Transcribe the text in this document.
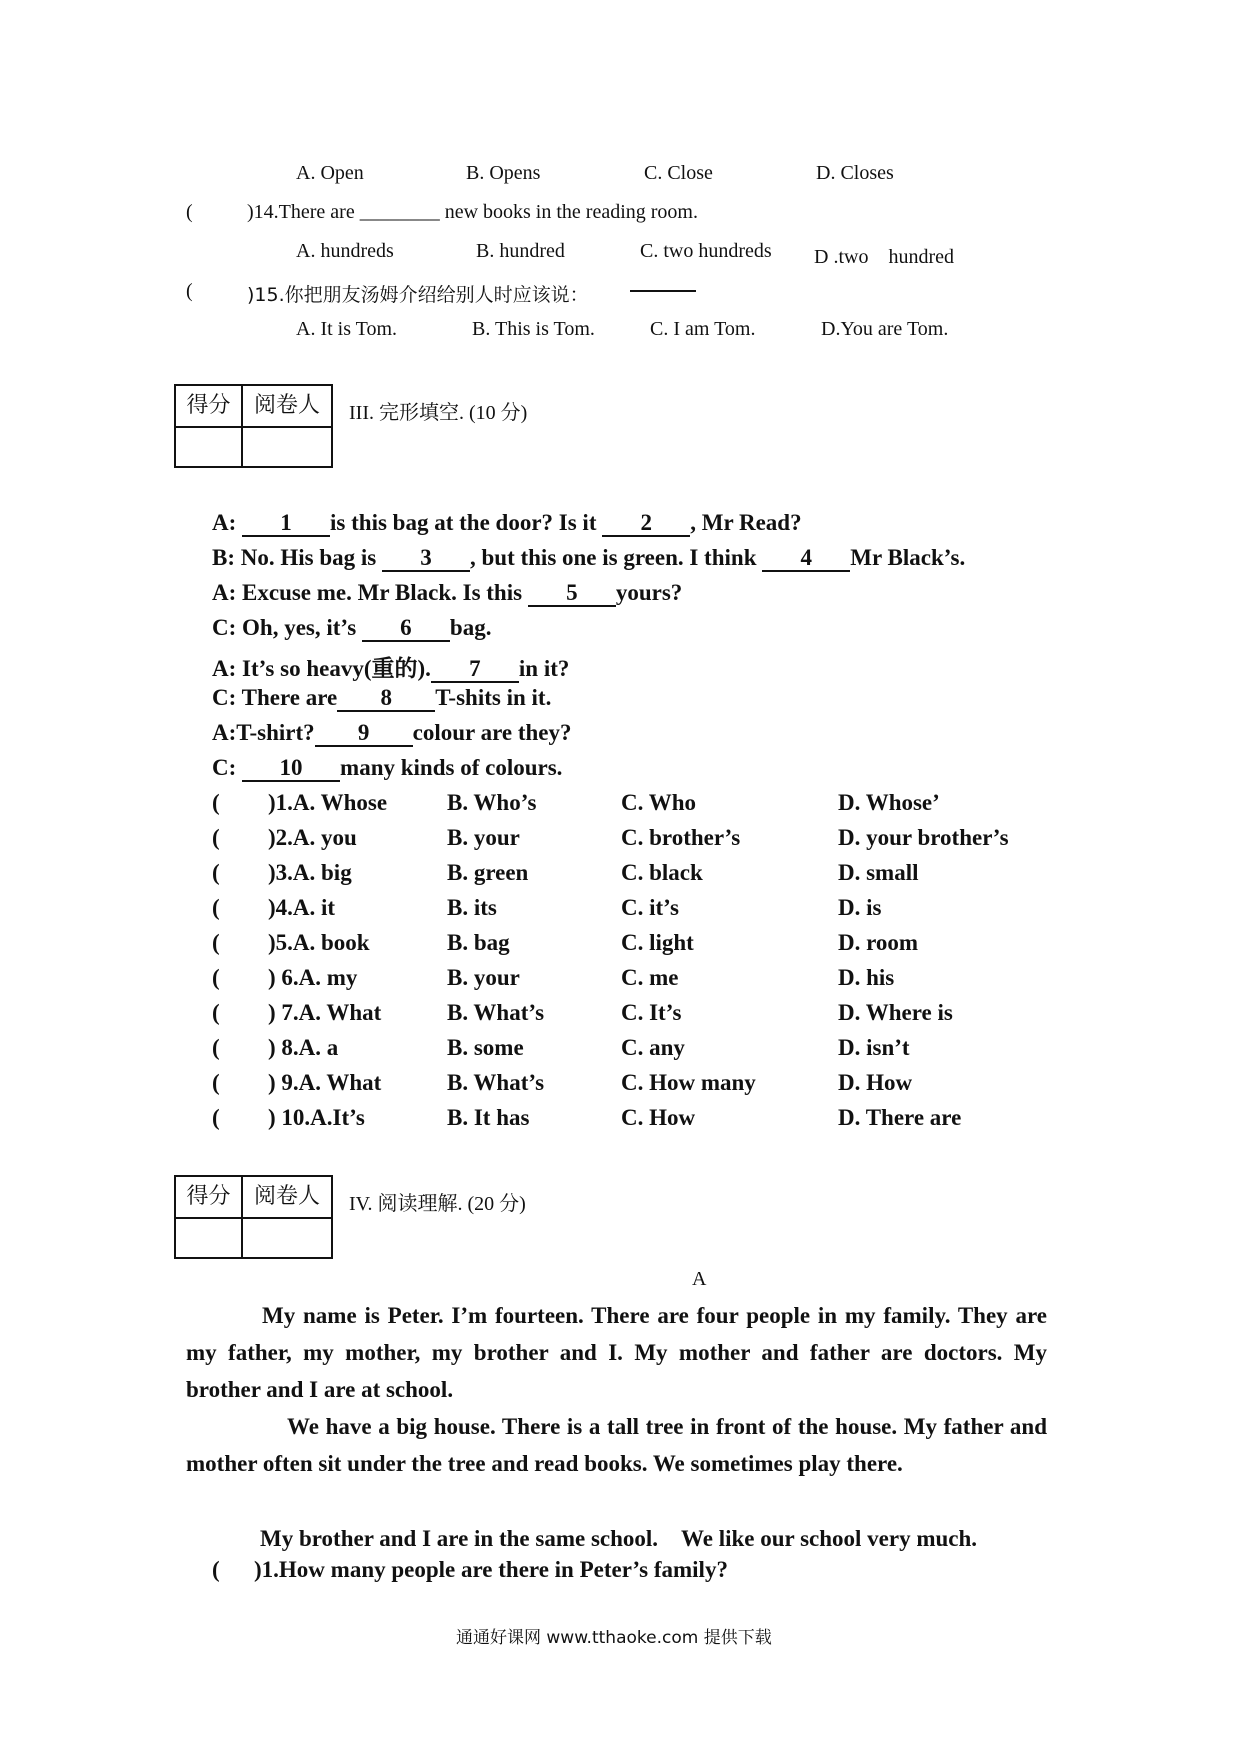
A. Open	B. Opens	C. Close	D. Closes
(	)14.There are ________ new books in the reading room.
A. hundreds	B. hundred	C. two hundreds D .two　hundred
(	)15.你把朋友汤姆介绍给别人时应该说：
A. It is Tom.	B. This is Tom.	C. I am Tom.	D.You are Tom.
得分	阅卷人	III. 完形填空. (10 分)
A: 1 is this bag at the door? Is it 2 , Mr Read?
B: No. His bag is 3 , but this one is green. I think 4 Mr Black’s.
A: Excuse me. Mr Black. Is this 5 yours?
C: Oh, yes, it’s 6 bag.
A: It’s so heavy(重的). 7 in it?
C: There are 8 T-shits in it.
A:T-shirt? 9 colour are they?
C: 10 many kinds of colours.
( )1.A. Whose	B. Who’s	C. Who	D. Whose’
( )2.A. you	B. your	C. brother’s	D. your brother’s
( )3.A. big	B. green	C. black	D. small
( )4.A. it	B. its	C. it’s	D. is
( )5.A. book	B. bag	C. light	D. room
( ) 6.A. my	B. your	C. me	D. his
( ) 7.A. What	B. What’s	C. It’s	D. Where is
( ) 8.A. a	B. some	C. any	D. isn’t
( ) 9.A. What	B. What’s	C. How many	D. How
( ) 10.A.It’s	B. It has	C. How	D. There are
得分	阅卷人	IV. 阅读理解. (20 分)
A
My name is Peter. I’m fourteen. There are four people in my family. They are my father, my mother, my brother and I. My mother and father are doctors. My brother and I are at school.
We have a big house. There is a tall tree in front of the house. My father and mother often sit under the tree and read books. We sometimes play there.
My brother and I are in the same school.　We like our school very much.
( )1.How many people are there in Peter’s family?
通通好课网 www.tthaoke.com 提供下载
